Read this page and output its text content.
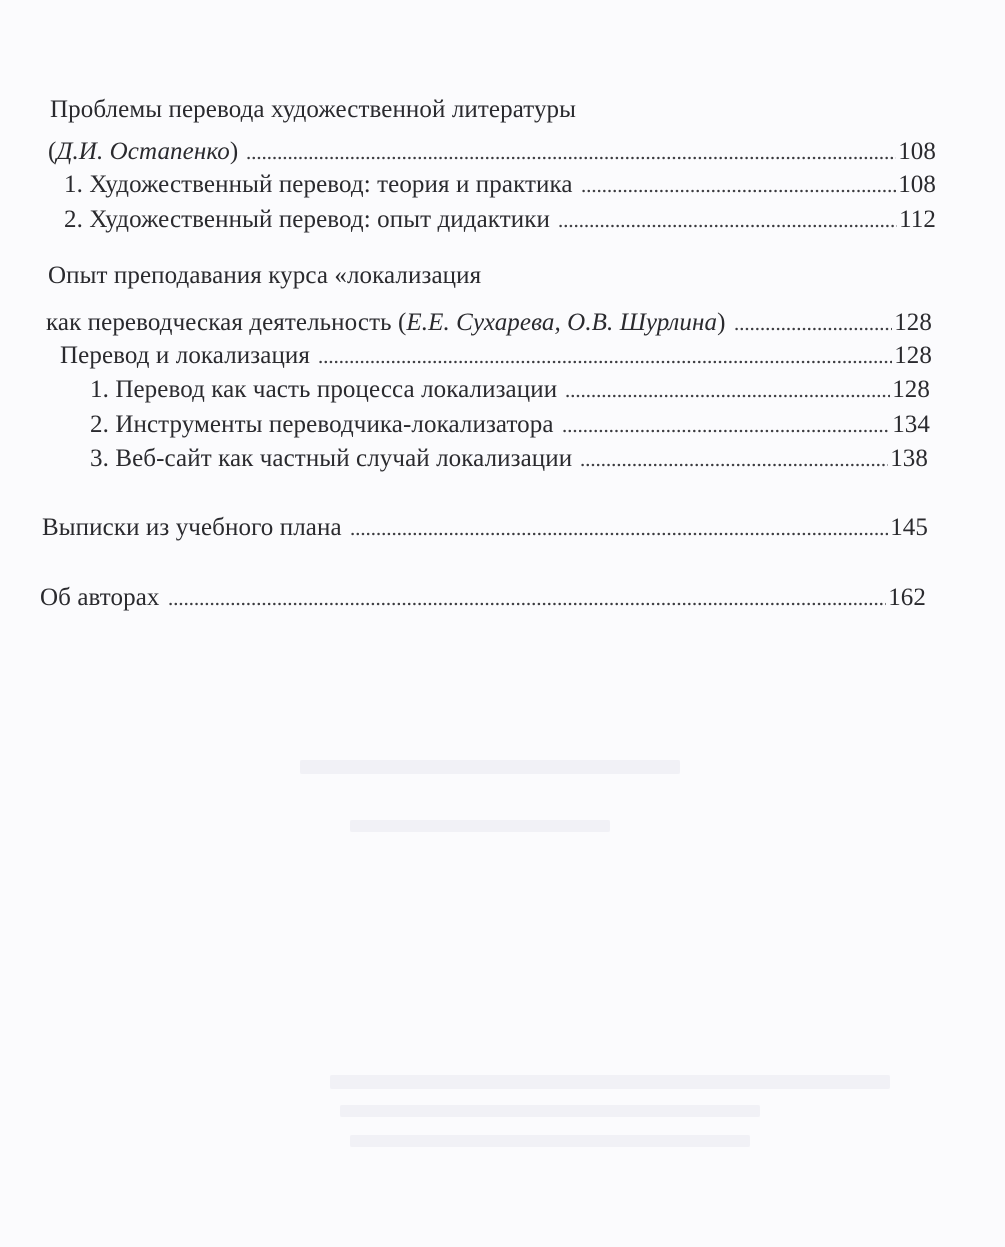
Проблемы перевода художественной литературы
(Д.И. Остапенко)	108
1. Художественный перевод: теория и практика	108
2. Художественный перевод: опыт дидактики	112
Опыт преподавания курса «локализация
как переводческая деятельность (Е.Е. Сухарева, О.В. Шурлина)	128
Перевод и локализация	128
1. Перевод как часть процесса локализации	128
2. Инструменты переводчика-локализатора	134
3. Веб-сайт как частный случай локализации	138
Выписки из учебного плана	145
Об авторах	162
